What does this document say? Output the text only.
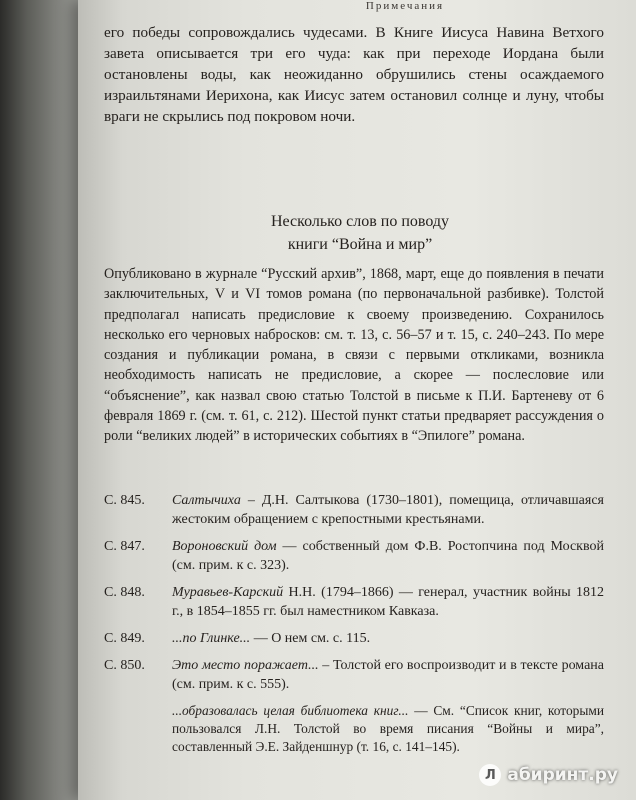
Примечания

его победы сопровождались чудесами. В Книге Иисуса Навина Ветхого завета описывается три его чуда: как при переходе Иордана были остановлены воды, как неожиданно обрушились стены осаждаемого израильтянами Иерихона, как Иисус затем остановил солнце и луну, чтобы враги не скрылись под покровом ночи.

Несколько слов по поводу
книги “Война и мир”

Опубликовано в журнале “Русский архив”, 1868, март, еще до появления в печати заключительных, V и VI томов романа (по первоначальной разбивке). Толстой предполагал написать предисловие к своему произведению. Сохранилось несколько его черновых набросков: см. т. 13, с. 56–57 и т. 15, с. 240–243. По мере создания и публикации романа, в связи с первыми откликами, возникла необходимость написать не предисловие, а скорее — послесловие или “объяснение”, как назвал свою статью Толстой в письме к П.И. Бартеневу от 6 февраля 1869 г. (см. т. 61, с. 212). Шестой пункт статьи предваряет рассуждения о роли “великих людей” в исторических событиях в “Эпилоге” романа.

С. 845.	Салтычиха – Д.Н. Салтыкова (1730–1801), помещица, отличавшаяся жестоким обращением с крепостными крестьянами.
С. 847.	Вороновский дом — собственный дом Ф.В. Ростопчина под Москвой (см. прим. к с. 323).
С. 848.	Муравьев-Карский Н.Н. (1794–1866) — генерал, участник войны 1812 г., в 1854–1855 гг. был наместником Кавказа.
С. 849.	...по Глинке... — О нем см. с. 115.
С. 850.	Это место поражает... – Толстой его воспроизводит и в тексте романа (см. прим. к с. 555).
...образовалась целая библиотека книг... — См. “Список книг, которыми пользовался Л.Н. Толстой во время писания “Войны и мира”, составленный Э.Е. Зайденшнур (т. 16, с. 141–145).
Л абиринт.ру
